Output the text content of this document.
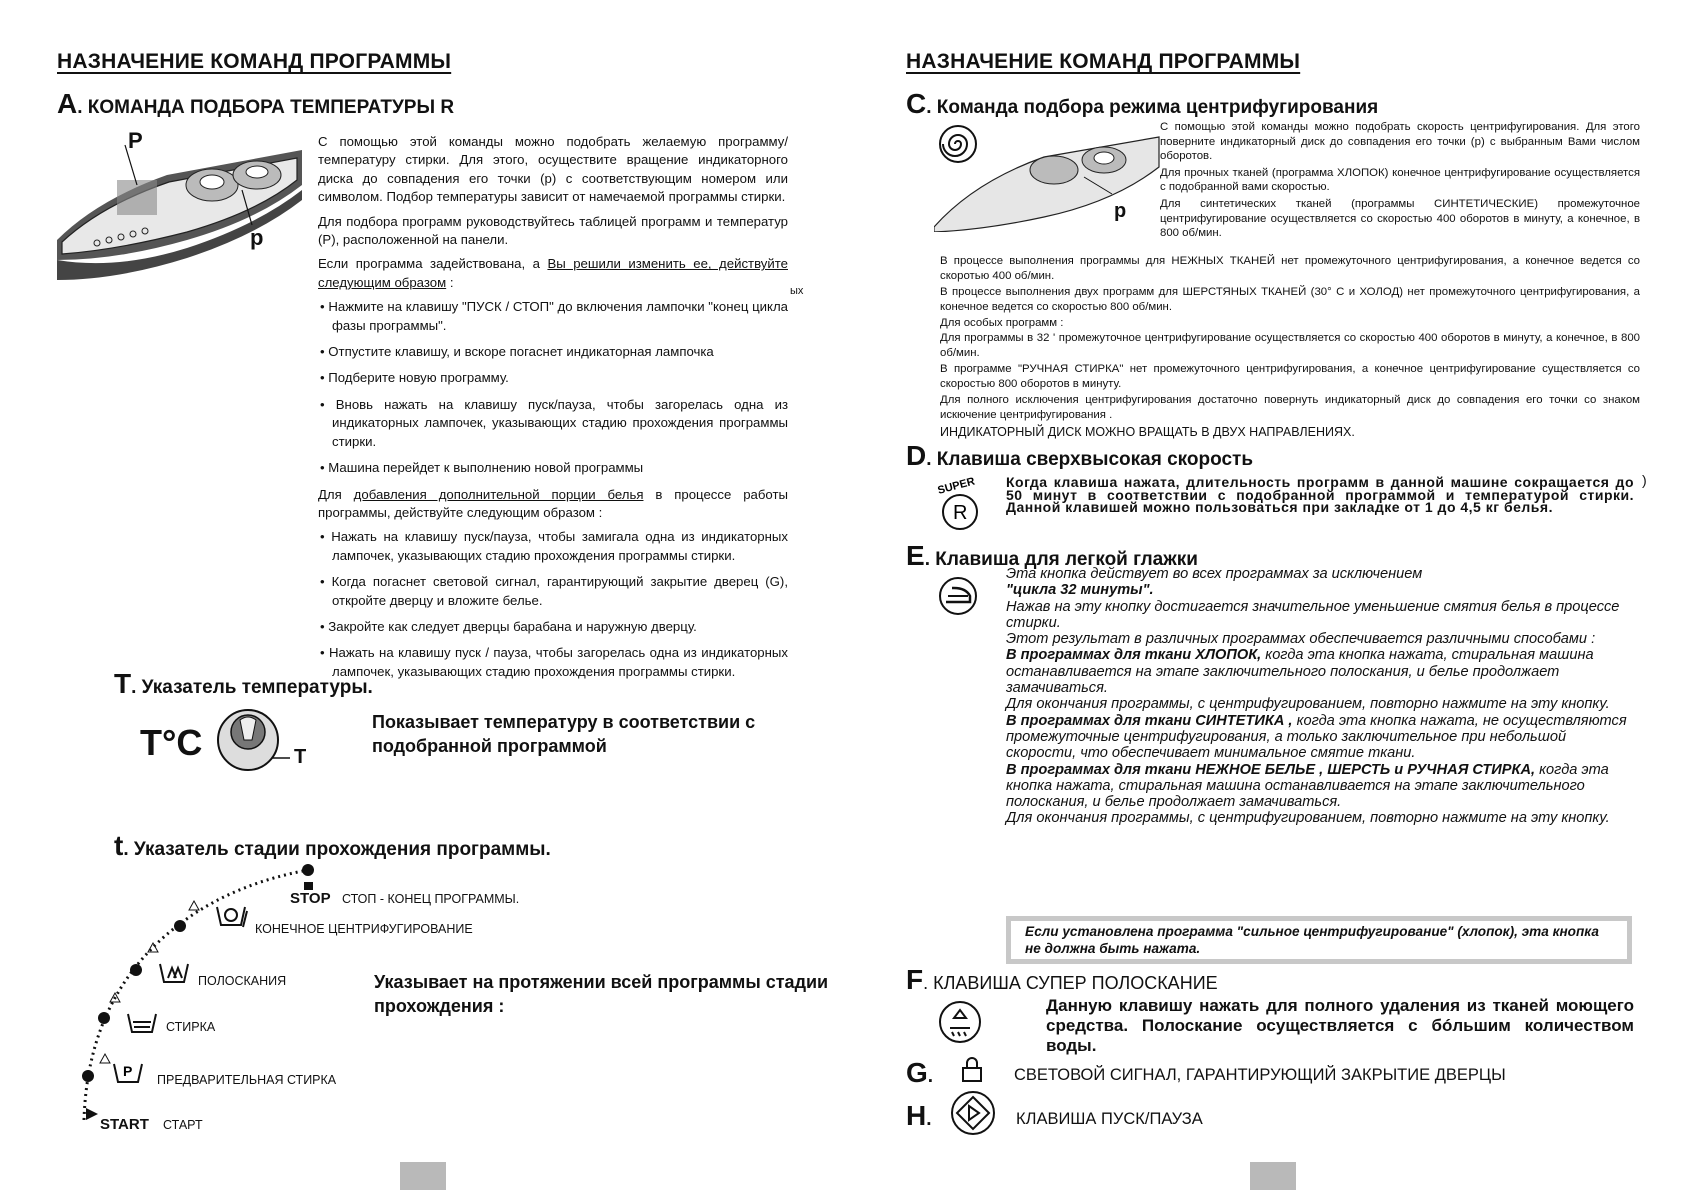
НАЗНАЧЕНИЕ КОМАНД ПРОГРАММЫ
A. КОМАНДА ПОДБОРА ТЕМПЕРАТУРЫ R
P
p

С помощью этой команды можно подобрать желаемую программу/температуру стирки. Для этого, осуществите вращение индикаторного диска до совпадения его точки (p) с соответствующим номером или символом. Подбор температуры зависит от намечаемой программы стирки.

Для подбора программ руководствуйтесь таблицей программ и температур (P), расположенной на панели.

Если программа задействована, а Вы решили изменить ее, действуйте следующим образом :

• Нажмите на клавишу "ПУСК / СТОП" до включения лампочки "конец цикла фазы программы".
• Отпустите клавишу, и вскоре погаснет индикаторная лампочка
• Подберите новую программу.
• Вновь нажать на клавишу пуск/пауза, чтобы загорелась одна из индикаторных лампочек, указывающих стадию прохождения программы стирки.
• Машина перейдет к выполнению новой программы

Для добавления дополнительной порции белья в процессе работы программы, действуйте следующим образом :

• Нажать на клавишу пуск/пауза, чтобы замигала одна из индикаторных лампочек, указывающих стадию прохождения программы стирки.
• Когда погаснет световой сигнал, гарантирующий закрытие дверец (G), откройте дверцу и вложите белье.
• Закройте как следует дверцы барабана и наружную дверцу.
• Нажать на клавишу пуск / пауза, чтобы загорелась одна из индикаторных лампочек, указывающих стадию прохождения программы стирки.
ых
T. Указатель температуры.
T°C	T
Показывает температуру в соответствии с подобранной программой
t. Указатель стадии прохождения программы.
STOP СТОП - КОНЕЦ ПРОГРАММЫ.
КОНЕЧНОЕ ЦЕНТРИФУГИРОВАНИЕ
ПОЛОСКАНИЯ
СТИРКА
P
ПРЕДВАРИТЕЛЬНАЯ СТИРКА
START СТАРТ
Указывает на протяжении всей программы стадии прохождения :
НАЗНАЧЕНИЕ КОМАНД ПРОГРАММЫ
C. Команда подбора режима центрифугирования
p

С помощью этой команды можно подобрать скорость центрифугирования. Для этого поверните индикаторный диск до совпадения его точки (p) с выбранным Вами числом оборотов.

Для прочных тканей (программа ХЛОПОК) конечное центрифугирование осуществляется с подобранной вами скоростью.

Для синтетических тканей (программы СИНТЕТИЧЕСКИЕ) промежуточное центрифугирование осуществляется со скоростью 400 оборотов в минуту, а конечное, в 800 об/мин.

В процессе выполнения программы для НЕЖНЫХ ТКАНЕЙ нет промежуточного центрифугирования, а конечное ведется со скоротью 400 об/мин.

В процессе выполнения двух программ для ШЕРСТЯНЫХ ТКАНЕЙ (30° С и ХОЛОД) нет промежуточного центрифугирования, а конечное ведется со скоростью 800 об/мин.

Для особых программ :

Для программы в 32 ' промежуточное центрифугирование осуществляется со скоростью 400 оборотов в минуту, а конечное, в 800 об/мин.

В программе "РУЧНАЯ СТИРКА" нет промежуточного центрифугирования, а конечное центрифугирование существляется со скоростью 800 оборотов в минуту.

Для полного исключения центрифугирования достаточно повернуть индикаторный диск до совпадения его точки со знаком искючение центрифугирования .

ИНДИКАТОРНЫЙ ДИСК МОЖНО ВРАЩАТЬ В ДВУХ НАПРАВЛЕНИЯХ.

D. Клавиша сверхвысокая скорость
SUPER
R
Когда клавиша нажата, длительность программ в данной машине сокращается до 50 минут в соответствии с подобранной программой и температурой стирки. Данной клавишей можно пользоваться при закладке от 1 до 4,5 кг белья.
)
E. Клавиша для легкой глажки

Эта кнопка действует во всех программах за исключением

"цикла 32 минуты".

Нажав на эту кнопку достигается значительное уменьшение смятия белья в процессе стирки.

Этот результат в различных программах обеспечивается различными способами :

В программах для ткани ХЛОПОК, когда эта кнопка нажата, стиральная машина останавливается на этапе заключительного полоскания, и белье продолжает замачиваться.

Для окончания программы, с центрифугированием, повторно нажмите на эту кнопку.

В программах для ткани СИНТЕТИКА , когда эта кнопка нажата, не осуществляются промежуточные центрифугирования, а только заключительное при небольшой скорости, что обеспечивает минимальное смятие ткани.

В программах для ткани НЕЖНОЕ БЕЛЬЕ , ШЕРСТЬ и РУЧНАЯ СТИРКА, когда эта кнопка нажата, стиральная машина останавливается на этапе заключительного полоскания, и белье продолжает замачиваться.

Для окончания программы, с центрифугированием, повторно нажмите на эту кнопку.

Если установлена программа "сильное центрифугирование" (хлопок), эта кнопка не должна быть нажата.
F. КЛАВИША СУПЕР ПОЛОСКАНИЕ
Данную клавишу нажать для полного удаления из тканей моющего средства. Полоскание осуществляется с бóльшим количеством воды.
G.	СВЕТОВОЙ СИГНАЛ, ГАРАНТИРУЮЩИЙ ЗАКРЫТИЕ ДВЕРЦЫ
H.	КЛАВИША ПУСК/ПАУЗА
